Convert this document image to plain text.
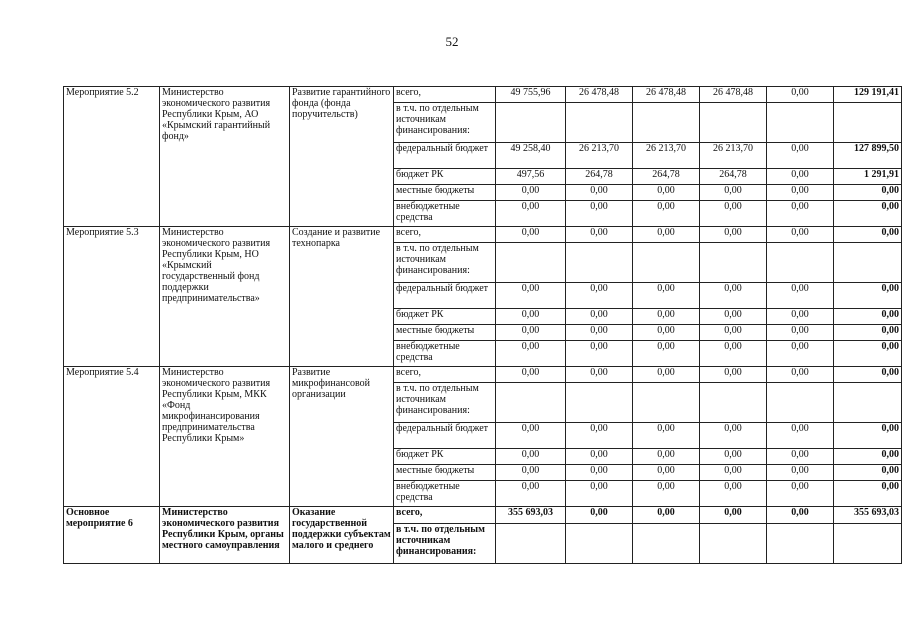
52
Мероприятие 5.2	Министерство экономического развития Республики Крым, АО «Крымский гарантийный фонд»	Развитие гарантийного фонда (фонда поручительств)	всего,	49 755,96	26 478,48	26 478,48	26 478,48	0,00	129 191,41
			в т.ч. по отдельным источникам финансирования:						
			федеральный бюджет	49 258,40	26 213,70	26 213,70	26 213,70	0,00	127 899,50
			бюджет РК	497,56	264,78	264,78	264,78	0,00	1 291,91
			местные бюджеты	0,00	0,00	0,00	0,00	0,00	0,00
			внебюджетные средства	0,00	0,00	0,00	0,00	0,00	0,00
Мероприятие 5.3	Министерство экономического развития Республики Крым, НО «Крымский государственный фонд поддержки предпринимательства»	Создание и развитие технопарка	всего,	0,00	0,00	0,00	0,00	0,00	0,00
			в т.ч. по отдельным источникам финансирования:						
			федеральный бюджет	0,00	0,00	0,00	0,00	0,00	0,00
			бюджет РК	0,00	0,00	0,00	0,00	0,00	0,00
			местные бюджеты	0,00	0,00	0,00	0,00	0,00	0,00
			внебюджетные средства	0,00	0,00	0,00	0,00	0,00	0,00
Мероприятие 5.4	Министерство экономического развития Республики Крым, МКК «Фонд микрофинансирования предпринимательства Республики Крым»	Развитие микрофинансовой организации	всего,	0,00	0,00	0,00	0,00	0,00	0,00
			в т.ч. по отдельным источникам финансирования:						
			федеральный бюджет	0,00	0,00	0,00	0,00	0,00	0,00
			бюджет РК	0,00	0,00	0,00	0,00	0,00	0,00
			местные бюджеты	0,00	0,00	0,00	0,00	0,00	0,00
			внебюджетные средства	0,00	0,00	0,00	0,00	0,00	0,00
Основное мероприятие 6	Министерство экономического развития Республики Крым, органы местного самоуправления	Оказание государственной поддержки субъектам малого и среднего	всего,	355 693,03	0,00	0,00	0,00	0,00	355 693,03
			в т.ч. по отдельным источникам финансирования:						
